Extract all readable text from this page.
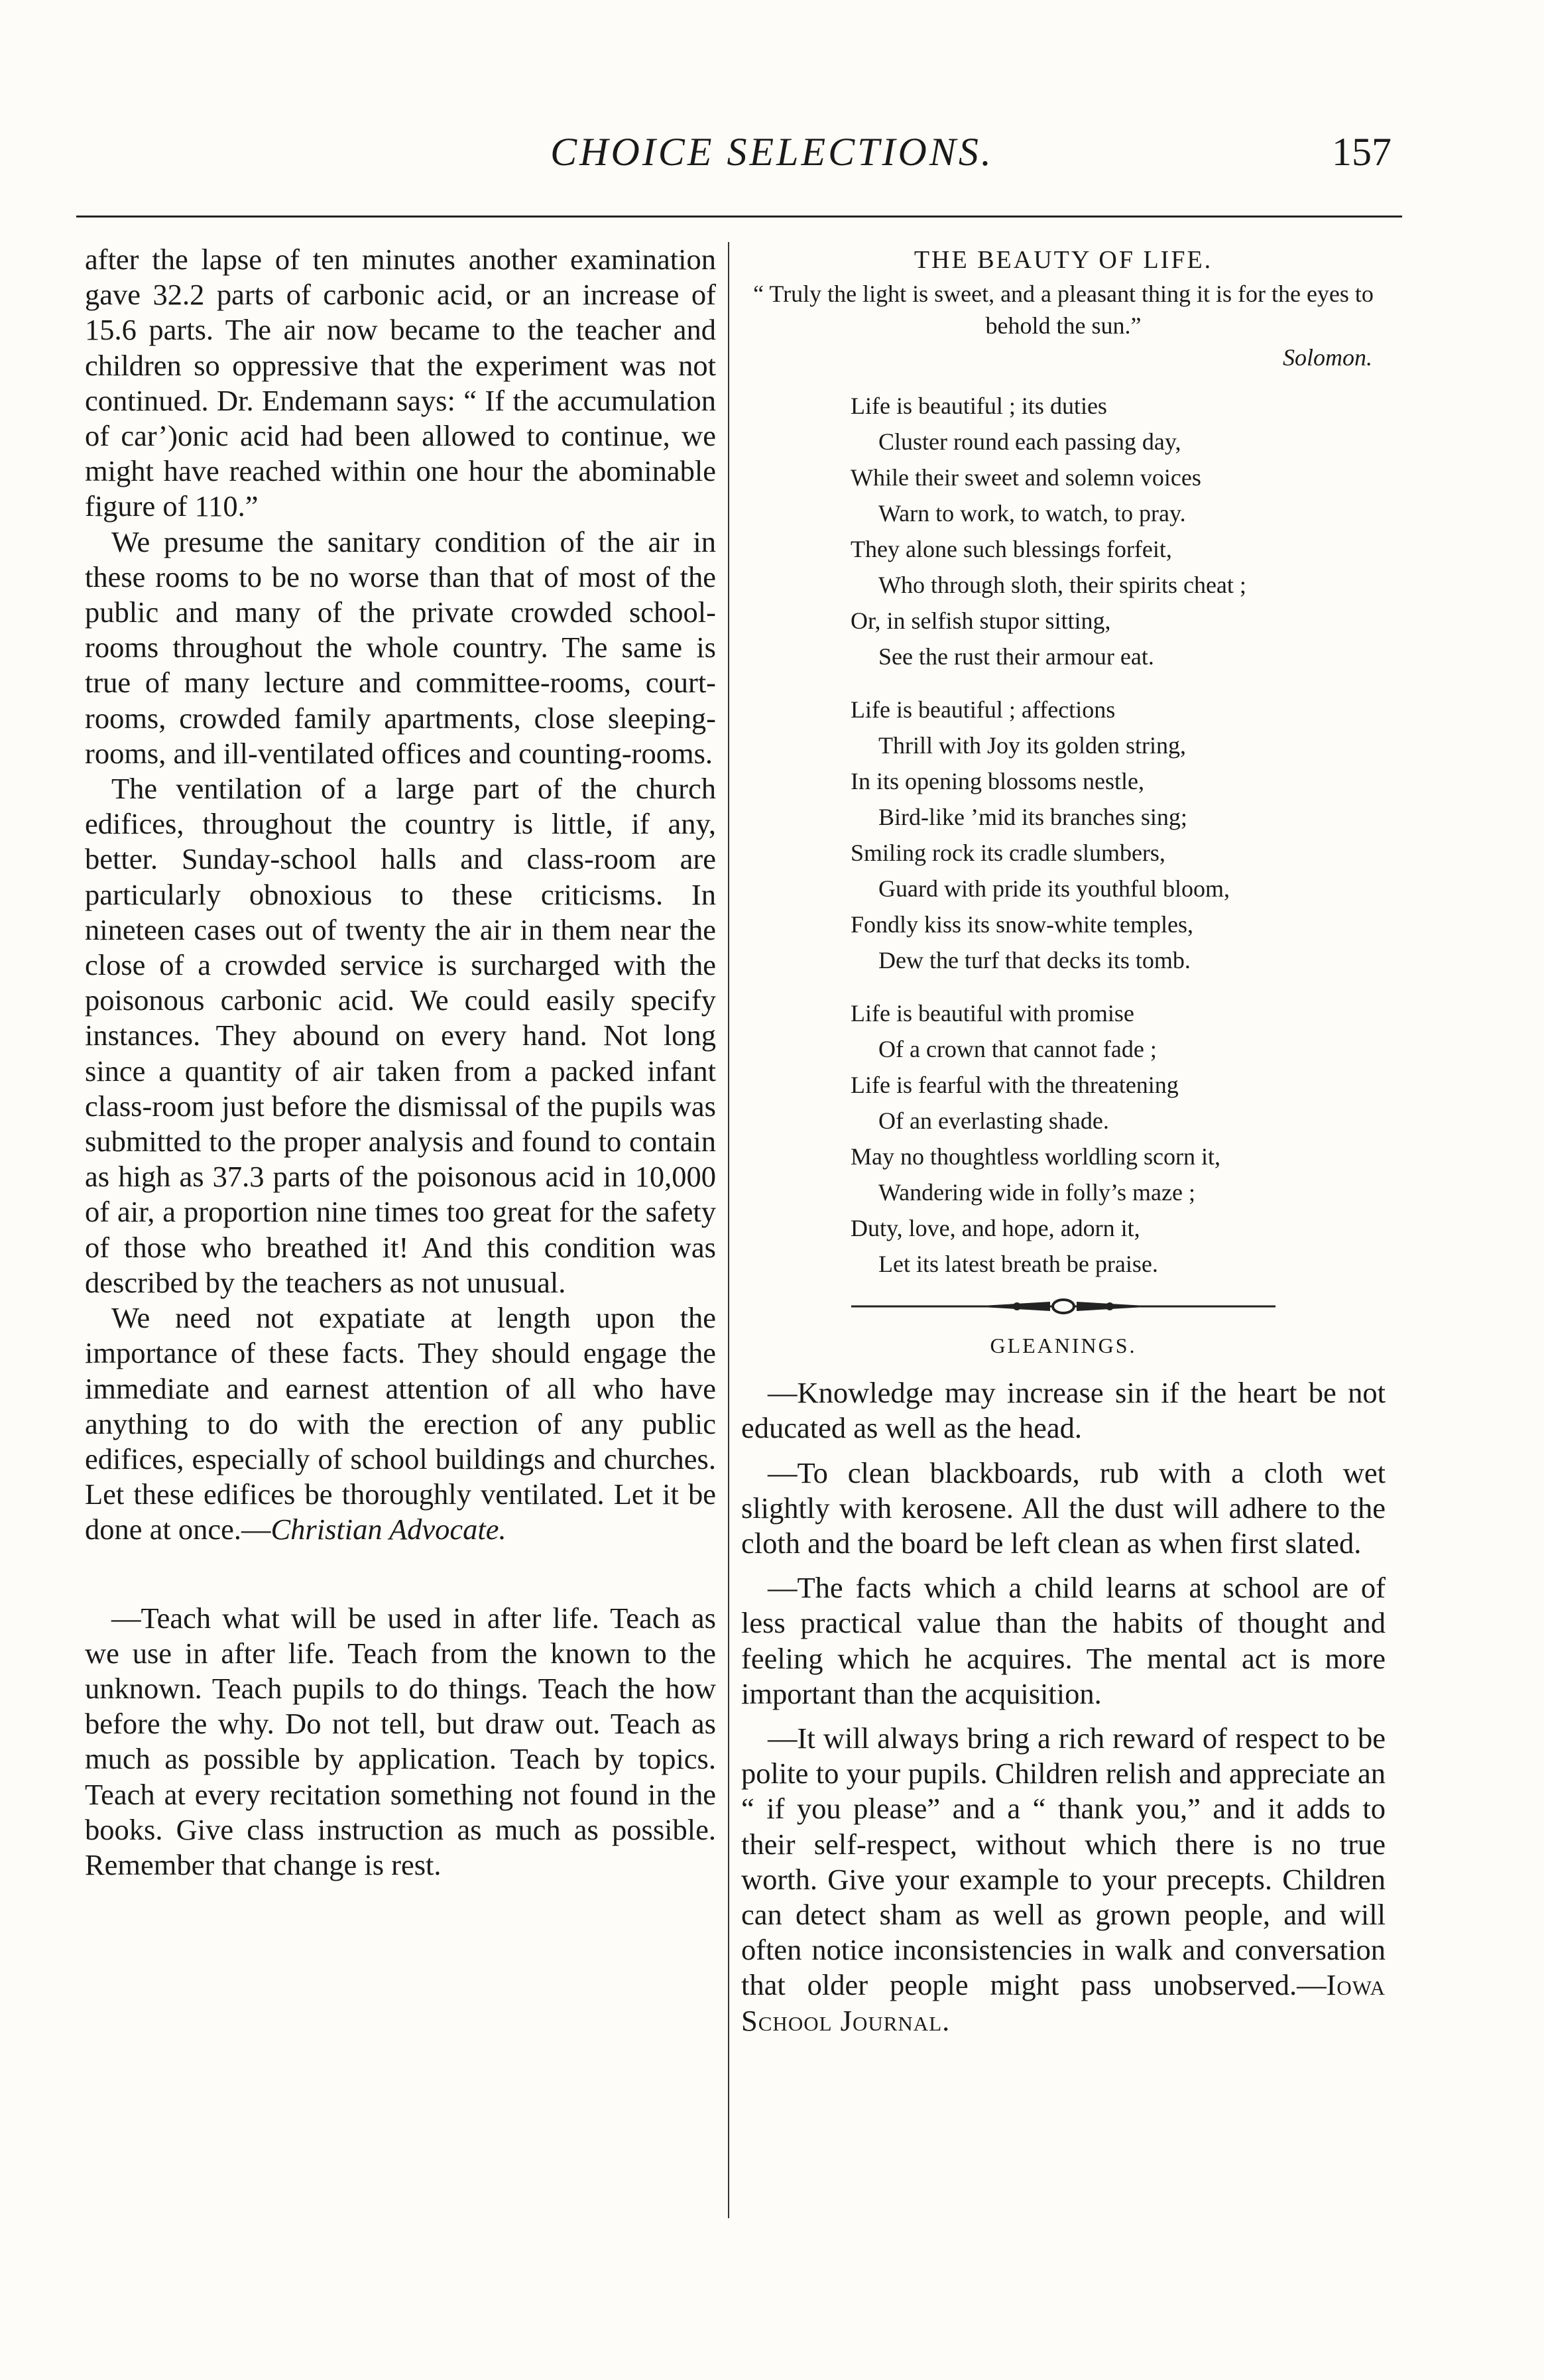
CHOICE SELECTIONS.	157

after the lapse of ten minutes another examination gave 32.2 parts of carbonic acid, or an increase of 15.6 parts. The air now became to the teacher and children so oppressive that the experiment was not continued. Dr. Endemann says: “ If the accumulation of car’)onic acid had been allowed to continue, we might have reached within one hour the abominable figure of 110.”

We presume the sanitary condition of the air in these rooms to be no worse than that of most of the public and many of the private crowded school-rooms throughout the whole country. The same is true of many lecture and committee-rooms, court-rooms, crowded family apartments, close sleeping-rooms, and ill-ventilated offices and counting-rooms.

The ventilation of a large part of the church edifices, throughout the country is little, if any, better. Sunday-school halls and class-room are particularly obnoxious to these criticisms. In nineteen cases out of twenty the air in them near the close of a crowded service is surcharged with the poisonous carbonic acid. We could easily specify instances. They abound on every hand. Not long since a quantity of air taken from a packed infant class-room just before the dismissal of the pupils was submitted to the proper analysis and found to contain as high as 37.3 parts of the poisonous acid in 10,000 of air, a proportion nine times too great for the safety of those who breathed it! And this condition was described by the teachers as not unusual.

We need not expatiate at length upon the importance of these facts. They should engage the immediate and earnest attention of all who have anything to do with the erection of any public edifices, especially of school buildings and churches. Let these edifices be thoroughly ventilated. Let it be done at once.—Christian Advocate.

—Teach what will be used in after life. Teach as we use in after life. Teach from the known to the unknown. Teach pupils to do things. Teach the how before the why. Do not tell, but draw out. Teach as much as possible by application. Teach by topics. Teach at every recitation something not found in the books. Give class instruction as much as possible. Remember that change is rest.

THE BEAUTY OF LIFE.
“ Truly the light is sweet, and a pleasant thing it is for the eyes to behold the sun.”
Solomon.
Life is beautiful ; its duties
Cluster round each passing day,
While their sweet and solemn voices
Warn to work, to watch, to pray.
They alone such blessings forfeit,
Who through sloth, their spirits cheat ;
Or, in selfish stupor sitting,
See the rust their armour eat.
Life is beautiful ; affections
Thrill with Joy its golden string,
In its opening blossoms nestle,
Bird-like ’mid its branches sing;
Smiling rock its cradle slumbers,
Guard with pride its youthful bloom,
Fondly kiss its snow-white temples,
Dew the turf that decks its tomb.
Life is beautiful with promise
Of a crown that cannot fade ;
Life is fearful with the threatening
Of an everlasting shade.
May no thoughtless worldling scorn it,
Wandering wide in folly’s maze ;
Duty, love, and hope, adorn it,
Let its latest breath be praise.
GLEANINGS.

—Knowledge may increase sin if the heart be not educated as well as the head.

—To clean blackboards, rub with a cloth wet slightly with kerosene. All the dust will adhere to the cloth and the board be left clean as when first slated.

—The facts which a child learns at school are of less practical value than the habits of thought and feeling which he acquires. The mental act is more important than the acquisition.

—It will always bring a rich reward of respect to be polite to your pupils. Children relish and appreciate an “ if you please” and a “ thank you,” and it adds to their self-respect, without which there is no true worth. Give your example to your precepts. Children can detect sham as well as grown people, and will often notice inconsistencies in walk and conversation that older people might pass unobserved.—Iowa School Journal.
